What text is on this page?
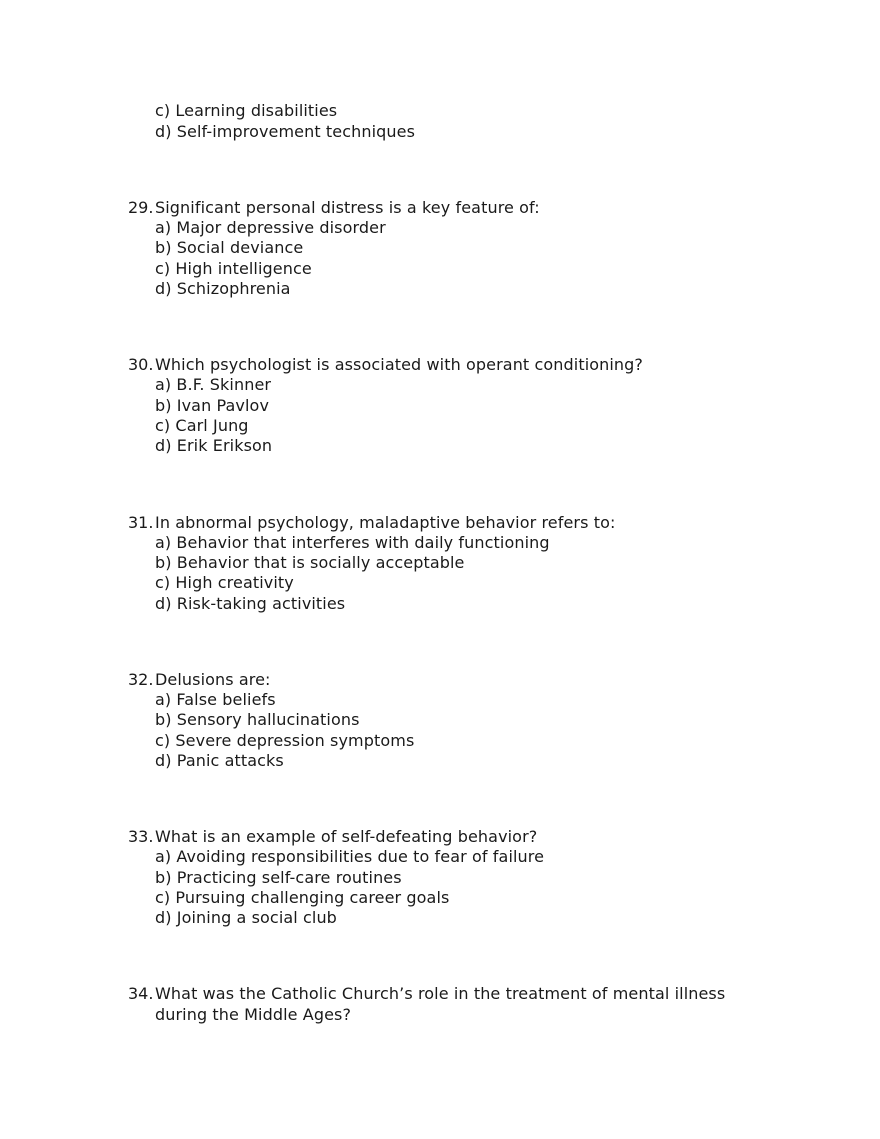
c) Learning disabilities
d) Self-improvement techniques
29. Significant personal distress is a key feature of:
a) Major depressive disorder
b) Social deviance
c) High intelligence
d) Schizophrenia
30. Which psychologist is associated with operant conditioning?
a) B.F. Skinner
b) Ivan Pavlov
c) Carl Jung
d) Erik Erikson
31. In abnormal psychology, maladaptive behavior refers to:
a) Behavior that interferes with daily functioning
b) Behavior that is socially acceptable
c) High creativity
d) Risk-taking activities
32. Delusions are:
a) False beliefs
b) Sensory hallucinations
c) Severe depression symptoms
d) Panic attacks
33. What is an example of self-defeating behavior?
a) Avoiding responsibilities due to fear of failure
b) Practicing self-care routines
c) Pursuing challenging career goals
d) Joining a social club
34. What was the Catholic Church’s role in the treatment of mental illness
during the Middle Ages?
